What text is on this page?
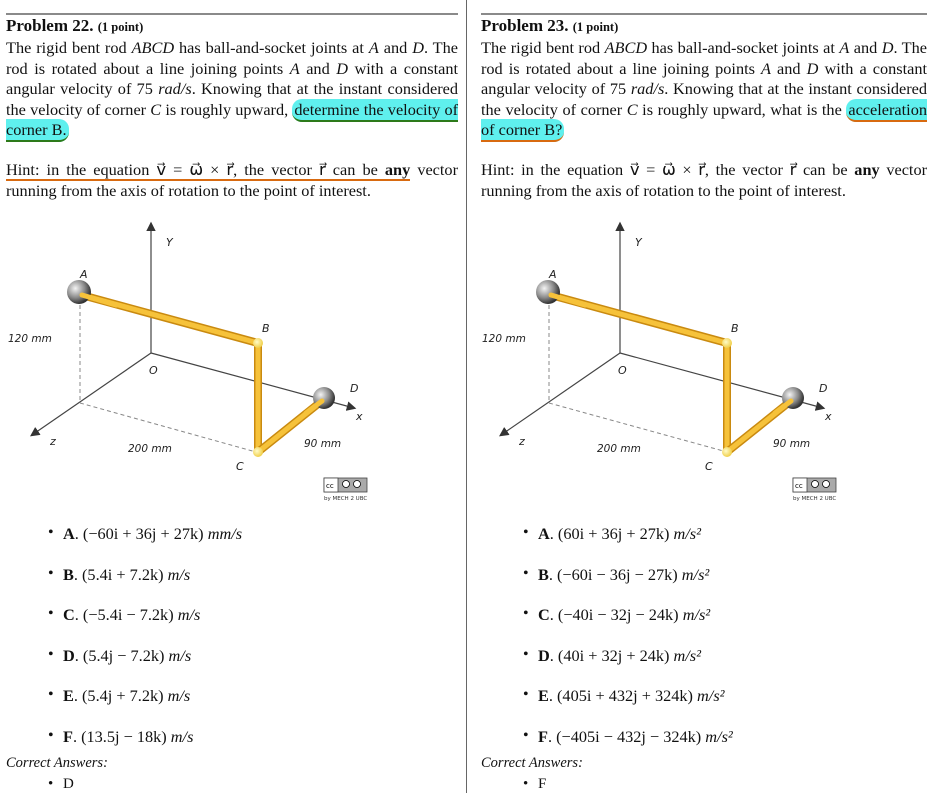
Problem 22. (1 point)
The rigid bent rod ABCD has ball-and-socket joints at A and D. The rod is rotated about a line joining points A and D with a constant angular velocity of 75 rad/s. Knowing that at the instant considered the velocity of corner C is roughly upward, determine the velocity of corner B.
Hint: in the equation v⃗ = ω⃗ × r⃗, the vector r⃗ can be any vector running from the axis of rotation to the point of interest.
Y
A
B
O
D
x
z
C
120 mm
200 mm	90 mm
cc
by MECH 2 UBC
• A. (−60i + 36j + 27k) mm/s
• B. (5.4i + 7.2k) m/s
• C. (−5.4i − 7.2k) m/s
• D. (5.4j − 7.2k) m/s
• E. (5.4j + 7.2k) m/s
• F. (13.5j − 18k) m/s
Correct Answers:
• D
Problem 23. (1 point)
The rigid bent rod ABCD has ball-and-socket joints at A and D. The rod is rotated about a line joining points A and D with a constant angular velocity of 75 rad/s. Knowing that at the instant considered the velocity of corner C is roughly upward, what is the acceleration of corner B?
Hint: in the equation v⃗ = ω⃗ × r⃗, the vector r⃗ can be any vector running from the axis of rotation to the point of interest.
Y
A
B
O
D
x
z
C
120 mm
200 mm	90 mm
cc
by MECH 2 UBC
• A. (60i + 36j + 27k) m/s²
• B. (−60i − 36j − 27k) m/s²
• C. (−40i − 32j − 24k) m/s²
• D. (40i + 32j + 24k) m/s²
• E. (405i + 432j + 324k) m/s²
• F. (−405i − 432j − 324k) m/s²
Correct Answers:
• F
